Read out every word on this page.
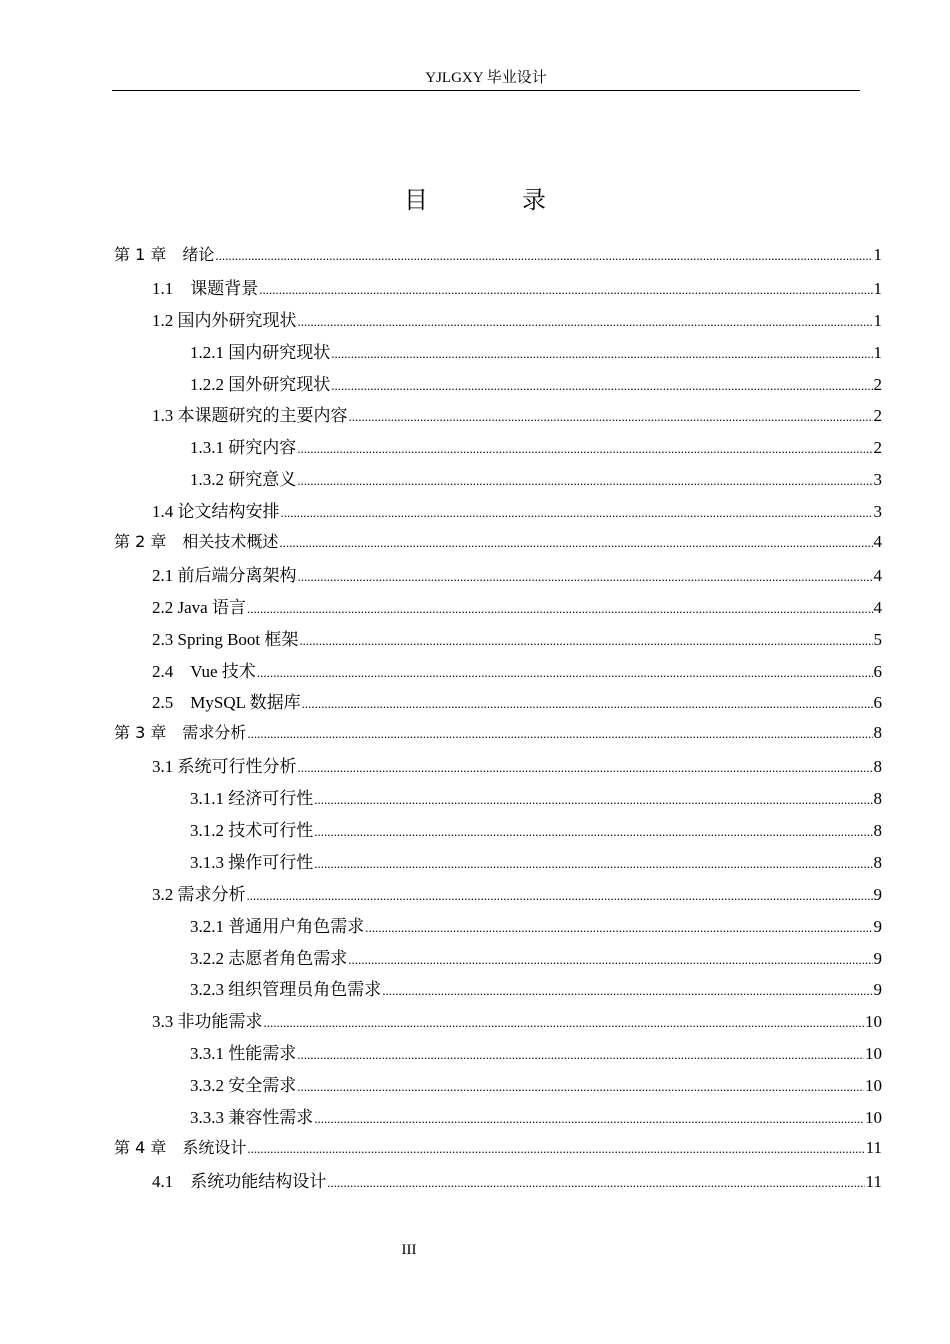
YJLGXY 毕业设计
目 录
第 1 章　绪论 .....	1
1.1　课题背景 .....	1
1.2 国内外研究现状 .....	1
1.2.1 国内研究现状 .....	1
1.2.2 国外研究现状 .....	2
1.3 本课题研究的主要内容 .....	2
1.3.1 研究内容 .....	2
1.3.2 研究意义 .....	3
1.4 论文结构安排 .....	3
第 2 章　相关技术概述 .....	4
2.1 前后端分离架构 .....	4
2.2 Java 语言 .....	4
2.3 Spring Boot 框架 .....	5
2.4　Vue 技术 .....	6
2.5　MySQL 数据库 .....	6
第 3 章　需求分析 .....	8
3.1 系统可行性分析 .....	8
3.1.1 经济可行性 .....	8
3.1.2 技术可行性 .....	8
3.1.3 操作可行性 .....	8
3.2 需求分析 .....	9
3.2.1 普通用户角色需求 .....	9
3.2.2 志愿者角色需求 .....	9
3.2.3 组织管理员角色需求 .....	9
3.3 非功能需求 .....	10
3.3.1 性能需求 .....	10
3.3.2 安全需求 .....	10
3.3.3 兼容性需求 .....	10
第 4 章　系统设计 .....	11
4.1　系统功能结构设计 .....	11
III
